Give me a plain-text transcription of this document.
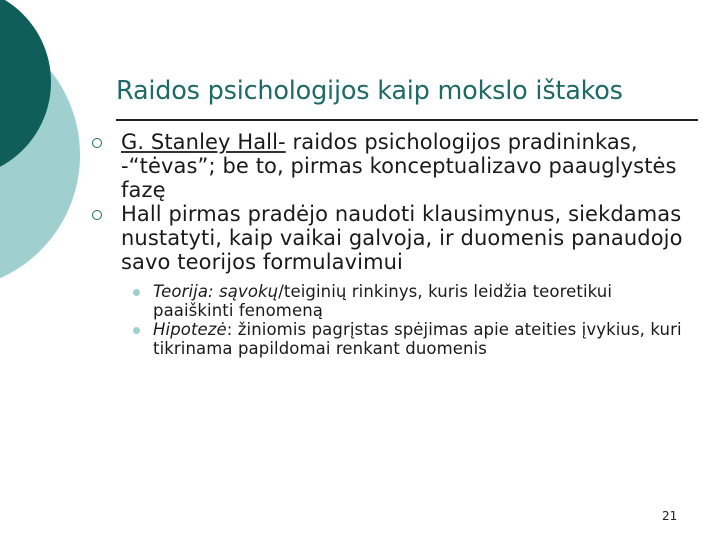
Raidos psichologijos kaip mokslo ištakos
G. Stanley Hall- raidos psichologijos pradininkas, -“tėvas”; be to, pirmas konceptualizavo paauglystės fazę
Hall pirmas pradėjo naudoti klausimynus, siekdamas nustatyti, kaip vaikai galvoja, ir duomenis panaudojo savo teorijos formulavimui
Teorija: sąvokų/teiginių rinkinys, kuris leidžia teoretikui paaiškinti fenomeną
Hipotezė: žiniomis pagrįstas spėjimas apie ateities įvykius, kuri tikrinama papildomai renkant duomenis
21
